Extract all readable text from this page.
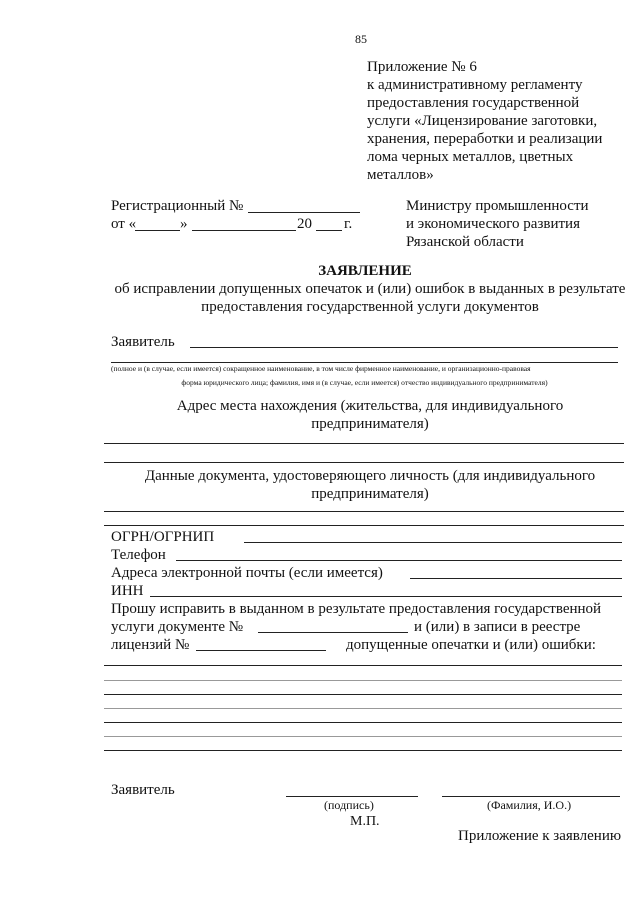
85
Приложение № 6
к административному регламенту
предоставления государственной
услуги «Лицензирование заготовки,
хранения, переработки и реализации
лома черных металлов, цветных
металлов»
Регистрационный №
от «	»	20 г.
Министру промышленности
и экономического развития
Рязанской области
ЗАЯВЛЕНИЕ
об исправлении допущенных опечаток и (или) ошибок в выданных в результате
предоставления государственной услуги документов
Заявитель
(полное и (в случае, если имеется) сокращенное наименование, в том числе фирменное наименование, и организационно-правовая
форма юридического лица; фамилия, имя и (в случае, если имеется) отчество индивидуального предпринимателя)
Адрес места нахождения (жительства, для индивидуального
предпринимателя)
Данные документа, удостоверяющего личность (для индивидуального
предпринимателя)
ОГРН/ОГРНИП
Телефон
Адреса электронной почты (если имеется)
ИНН
Прошу исправить в выданном в результате предоставления государственной
услуги документе №	и (или) в записи в реестре
лицензий №	допущенные опечатки и (или) ошибки:
Заявитель
(подпись)	(Фамилия, И.О.)
М.П.
Приложение к заявлению
